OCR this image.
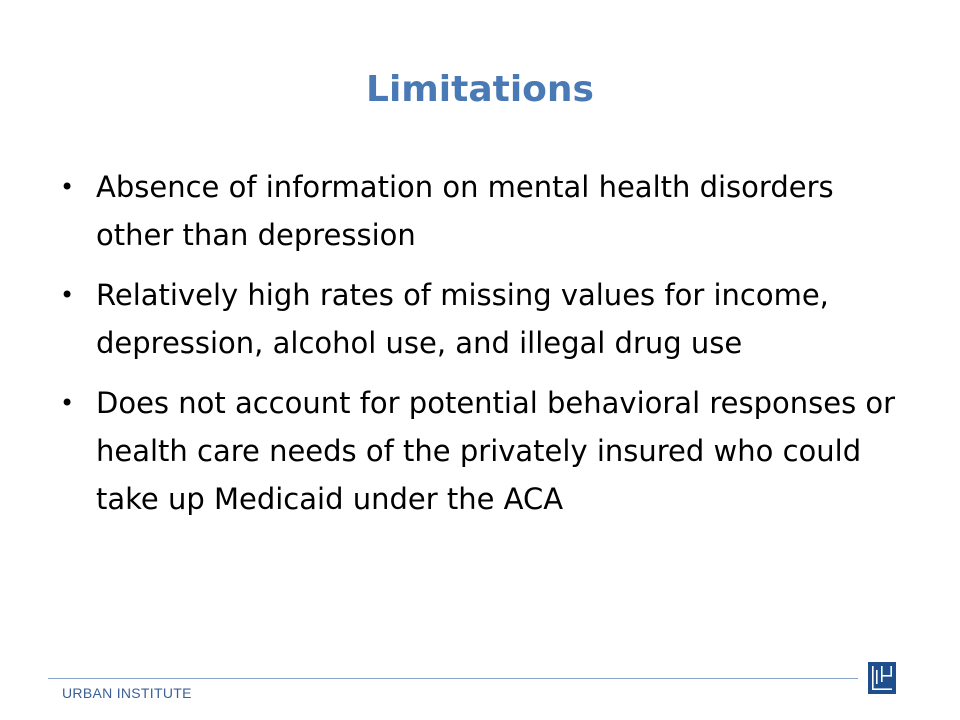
Limitations
• Absence of information on mental health disorders other than depression
• Relatively high rates of missing values for income, depression, alcohol use, and illegal drug use
• Does not account for potential behavioral responses or health care needs of the privately insured who could take up Medicaid under the ACA
URBAN INSTITUTE
